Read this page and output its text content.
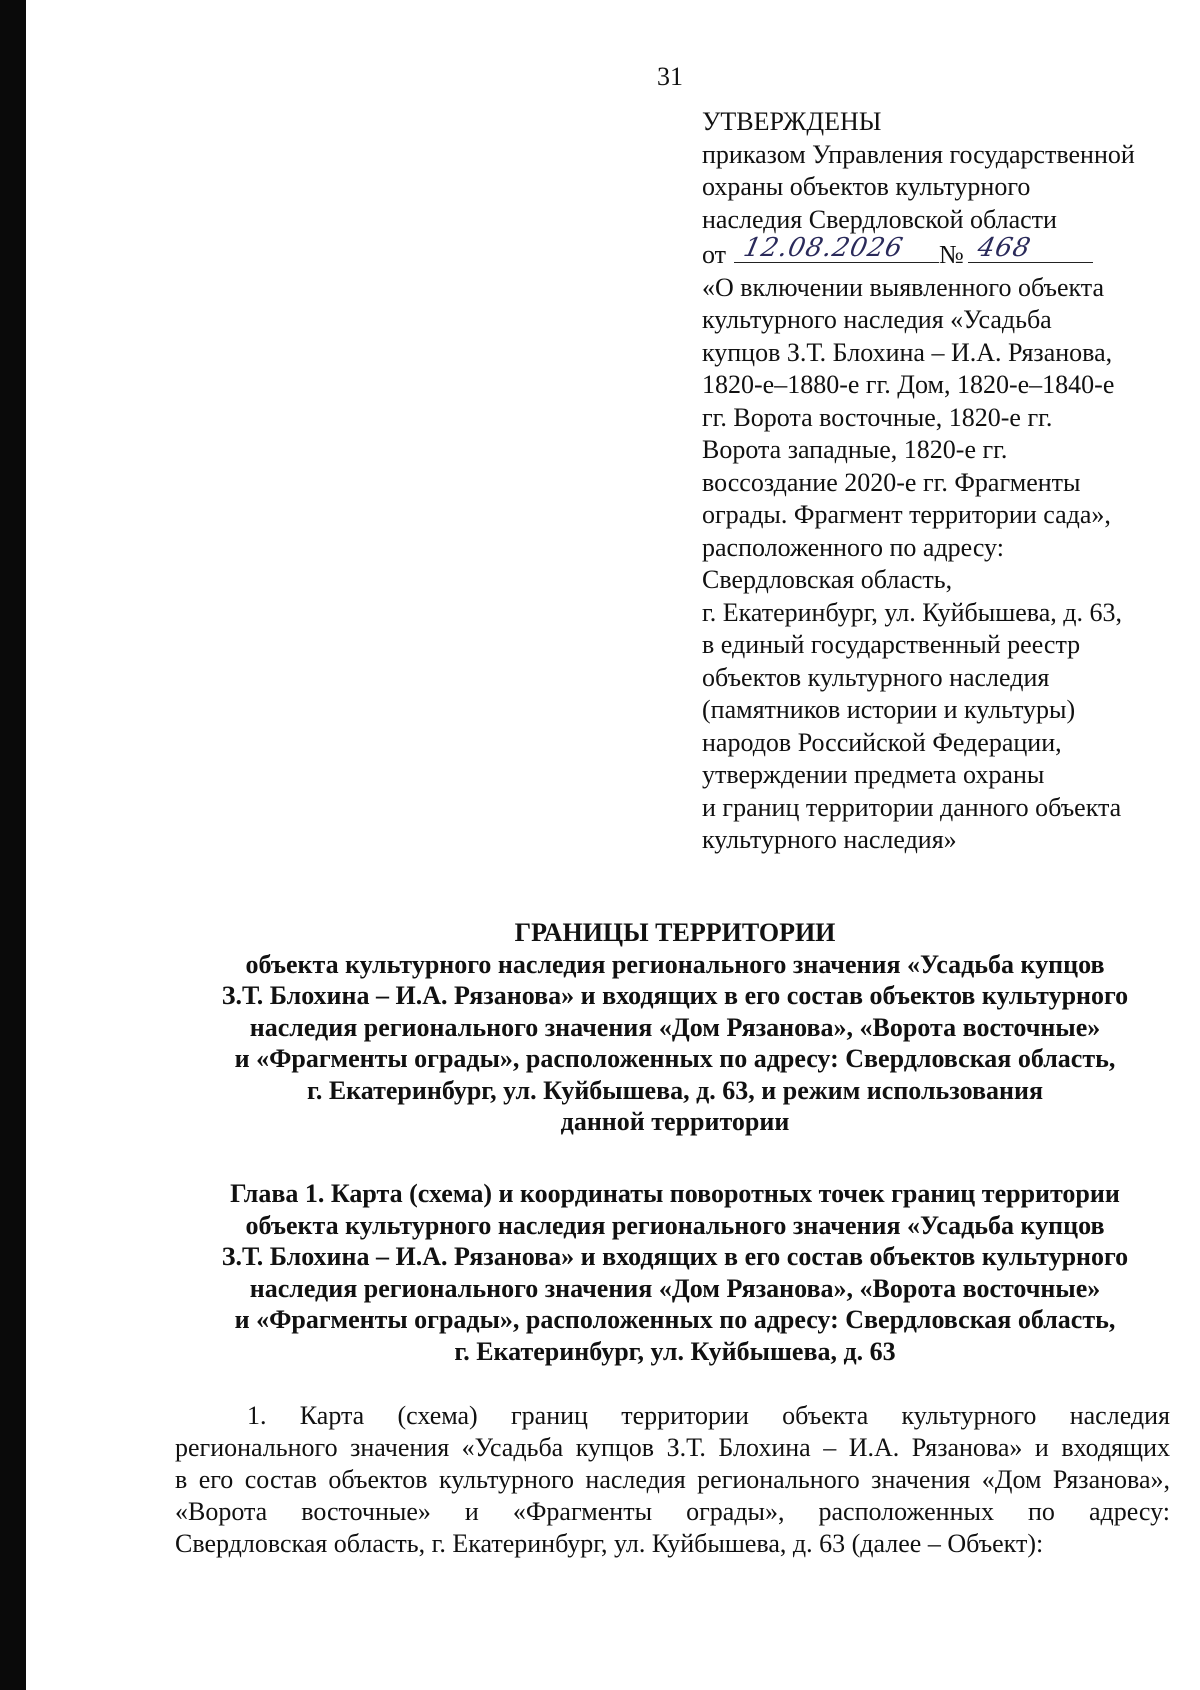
31
УТВЕРЖДЕНЫ
приказом Управления государственной
охраны объектов культурного
наследия Свердловской области
от 12.08.2026 № 468
«О включении выявленного объекта
культурного наследия «Усадьба
купцов З.Т. Блохина – И.А. Рязанова,
1820-е–1880-е гг. Дом, 1820-е–1840-е
гг. Ворота восточные, 1820-е гг.
Ворота западные, 1820-е гг.
воссоздание 2020-е гг. Фрагменты
ограды. Фрагмент территории сада»,
расположенного по адресу:
Свердловская область,
г. Екатеринбург, ул. Куйбышева, д. 63,
в единый государственный реестр
объектов культурного наследия
(памятников истории и культуры)
народов Российской Федерации,
утверждении предмета охраны
и границ территории данного объекта
культурного наследия»
ГРАНИЦЫ ТЕРРИТОРИИ
объекта культурного наследия регионального значения «Усадьба купцов
З.Т. Блохина – И.А. Рязанова» и входящих в его состав объектов культурного
наследия регионального значения «Дом Рязанова», «Ворота восточные»
и «Фрагменты ограды», расположенных по адресу: Свердловская область,
г. Екатеринбург, ул. Куйбышева, д. 63, и режим использования
данной территории
Глава 1. Карта (схема) и координаты поворотных точек границ территории
объекта культурного наследия регионального значения «Усадьба купцов
З.Т. Блохина – И.А. Рязанова» и входящих в его состав объектов культурного
наследия регионального значения «Дом Рязанова», «Ворота восточные»
и «Фрагменты ограды», расположенных по адресу: Свердловская область,
г. Екатеринбург, ул. Куйбышева, д. 63
1. Карта (схема) границ территории объекта культурного наследия
регионального значения «Усадьба купцов З.Т. Блохина – И.А. Рязанова» и входящих
в его состав объектов культурного наследия регионального значения «Дом Рязанова»,
«Ворота восточные» и «Фрагменты ограды», расположенных по адресу:
Свердловская область, г. Екатеринбург, ул. Куйбышева, д. 63 (далее – Объект):
